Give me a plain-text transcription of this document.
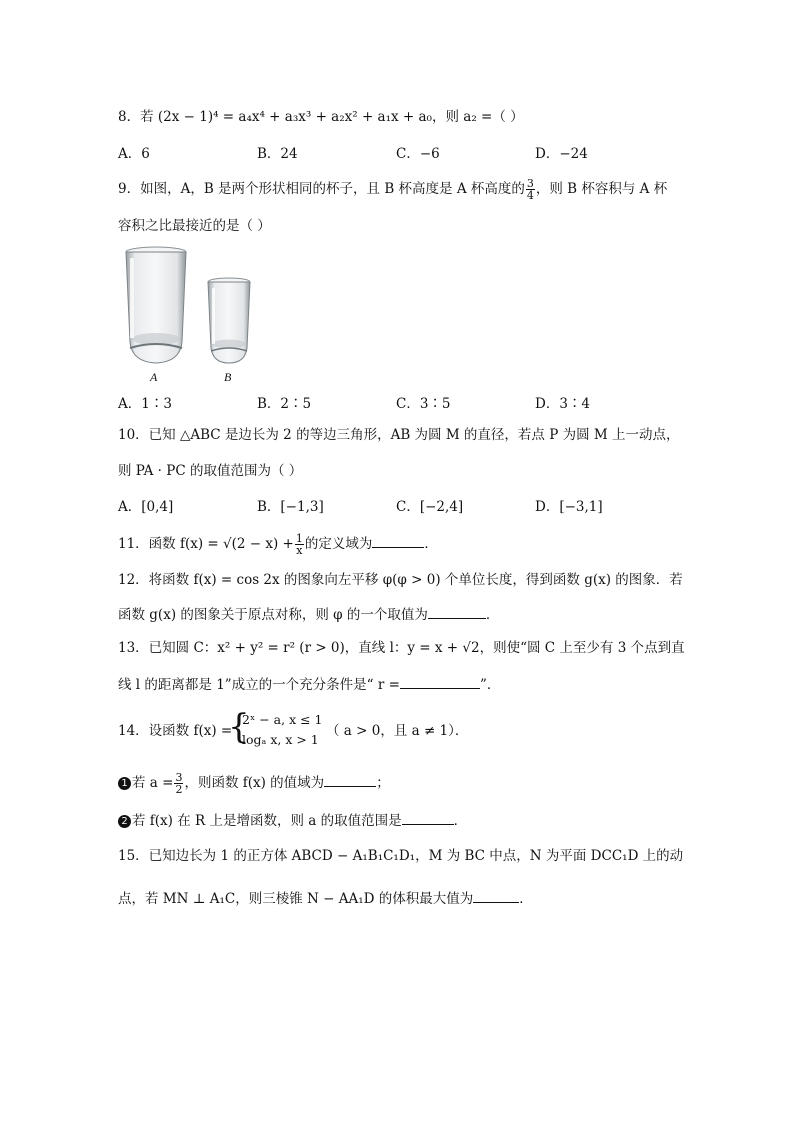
8．若 (2x − 1)⁴ = a₄x⁴ + a₃x³ + a₂x² + a₁x + a₀，则 a₂ =（ ）
A．6	B．24	C．−6	D．−24
9．如图，A，B 是两个形状相同的杯子，且 B 杯高度是 A 杯高度的 $\frac{3}{4}$ ，则 B 杯容积与 A 杯
容积之比最接近的是（ ）
A	B
A．1∶3	B．2∶5	C．3∶5	D．3∶4
10．已知 △ABC 是边长为 2 的等边三角形，AB 为圆 M 的直径，若点 P 为圆 M 上一动点，
则 PA · PC 的取值范围为（ ）
A．[0,4]	B．[−1,3]	C．[−2,4]	D．[−3,1]
11．函数 $f(x) = √(2 - x) + \frac{1}{x}$ 的定义域为	．
12．将函数 f(x) = cos 2x 的图象向左平移 φ(φ > 0) 个单位长度，得到函数 g(x) 的图象．若
函数 g(x) 的图象关于原点对称，则 φ 的一个取值为	．
13．已知圆 C：x² + y² = r² (r > 0)，直线 l：y = x + √2，则使“圆 C 上至少有 3 个点到直
线 l 的距离都是 1”成立的一个充分条件是“ r =	”．
14．设函数 f(x) =
{
2ˣ − a, x ≤ 1
logₐ x, x > 1
（ a > 0，且 a ≠ 1）．
1 若 $a = \frac{3}{2}$ ，则函数 f(x) 的值域为	；
2 若 f(x) 在 R 上是增函数，则 a 的取值范围是	．
15．已知边长为 1 的正方体 ABCD − A₁B₁C₁D₁，M 为 BC 中点，N 为平面 DCC₁D 上的动
点，若 MN ⊥ A₁C，则三棱锥 N − AA₁D 的体积最大值为	．
